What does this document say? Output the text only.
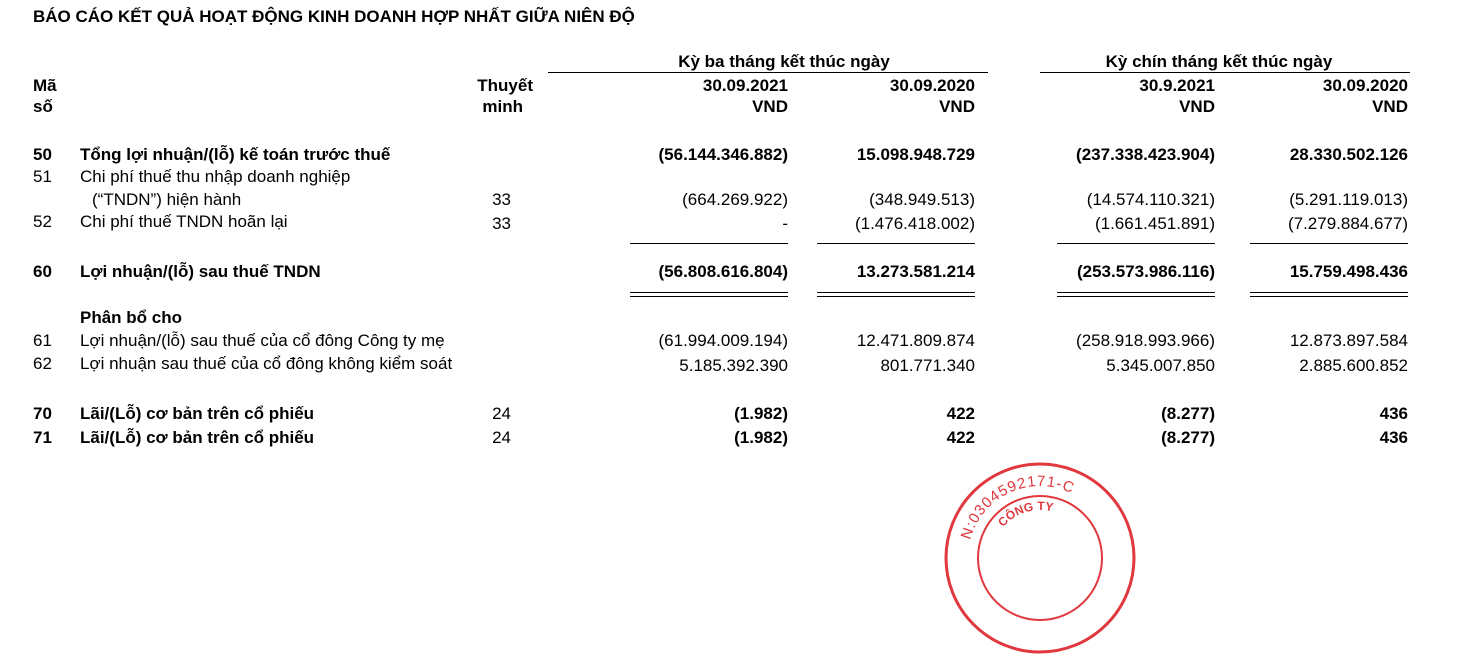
BÁO CÁO KẾT QUẢ HOẠT ĐỘNG KINH DOANH HỢP NHẤT GIỮA NIÊN ĐỘ
Kỳ ba tháng kết thúc ngày	Kỳ chín tháng kết thúc ngày
Mã
số
Thuyết
minh
30.09.2021	30.09.2020	30.9.2021	30.09.2020
VND	VND	VND	VND
50 Tổng lợi nhuận/(lỗ) kế toán trước thuế	(56.144.346.882)	15.098.948.729	(237.338.423.904)	28.330.502.126
51 Chi phí thuế thu nhập doanh nghiệp
(“TNDN”) hiện hành	33	(664.269.922)	(348.949.513)	(14.574.110.321)	(5.291.119.013)
52 Chi phí thuế TNDN hoãn lại	33	-	(1.476.418.002)	(1.661.451.891)	(7.279.884.677)
60 Lợi nhuận/(lỗ) sau thuế TNDN	(56.808.616.804)	13.273.581.214	(253.573.986.116)	15.759.498.436
Phân bổ cho
61 Lợi nhuận/(lỗ) sau thuế của cổ đông Công ty mẹ	(61.994.009.194)	12.471.809.874	(258.918.993.966)	12.873.897.584
62 Lợi nhuận sau thuế của cổ đông không kiểm soát	5.185.392.390	801.771.340	5.345.007.850	2.885.600.852
70 Lãi/(Lỗ) cơ bản trên cổ phiếu	24	(1.982)	422	(8.277)	436
71 Lãi/(Lỗ) cơ bản trên cổ phiếu	24	(1.982)	422	(8.277)	436
N:0304592171-C
CÔNG TY
